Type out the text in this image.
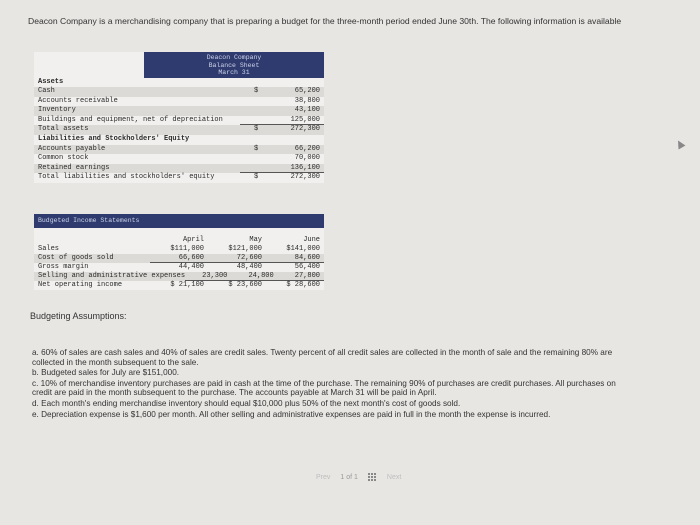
Deacon Company is a merchandising company that is preparing a budget for the three-month period ended June 30th. The following information is available
Deacon Company
Balance Sheet
March 31
Assets
Cash	$	65,200
Accounts receivable	38,800
Inventory	43,100
Buildings and equipment, net of depreciation	125,000
Total assets	$	272,300
Liabilities and Stockholders' Equity
Accounts payable	$	66,200
Common stock	70,000
Retained earnings	136,100
Total liabilities and stockholders' equity	$	272,300
Budgeted Income Statements
April	May	June
Sales	$111,000	$121,000	$141,000
Cost of goods sold	66,600	72,600	84,600
Gross margin	44,400	48,400	56,400
Selling and administrative expenses	23,300	24,800	27,800
Net operating income	$ 21,100	$ 23,600	$ 28,600
Budgeting Assumptions:
a. 60% of sales are cash sales and 40% of sales are credit sales. Twenty percent of all credit sales are collected in the month of sale and the remaining 80% are collected in the month subsequent to the sale.
b. Budgeted sales for July are $151,000.
c. 10% of merchandise inventory purchases are paid in cash at the time of the purchase. The remaining 90% of purchases are credit purchases. All purchases on credit are paid in the month subsequent to the purchase. The accounts payable at March 31 will be paid in April.
d. Each month's ending merchandise inventory should equal $10,000 plus 50% of the next month's cost of goods sold.
e. Depreciation expense is $1,600 per month. All other selling and administrative expenses are paid in full in the month the expense is incurred.
Prev 1 of 1	Next
